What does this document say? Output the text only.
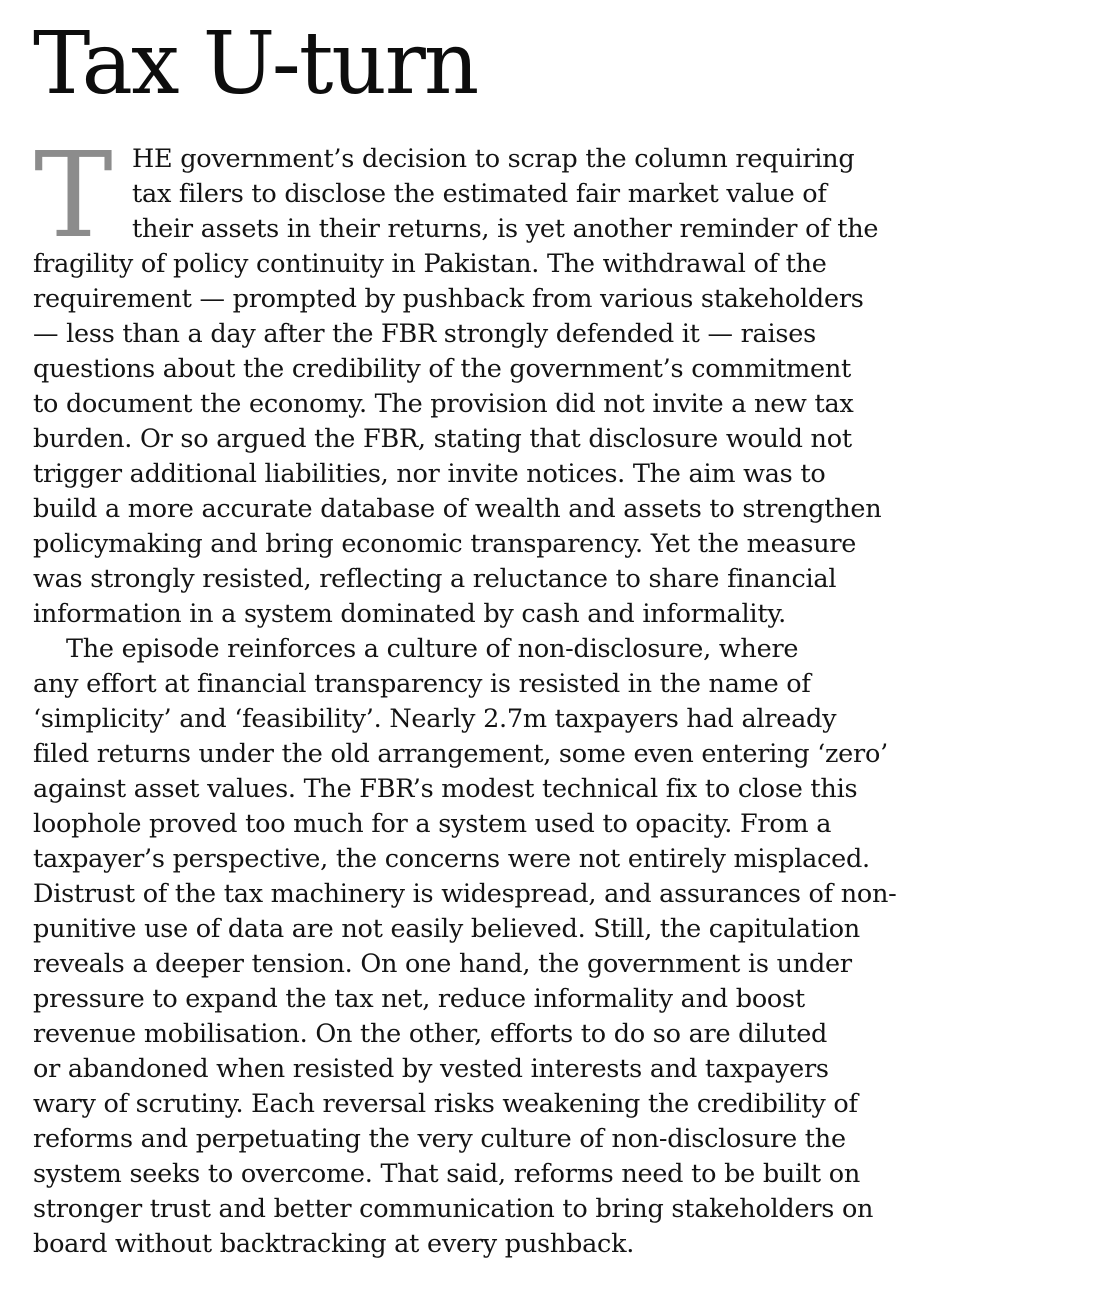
Tax U-turn
T HE government’s decision to scrap the column requiring
tax filers to disclose the estimated fair market value of
their assets in their returns, is yet another reminder of the
fragility of policy continuity in Pakistan. The withdrawal of the
requirement — prompted by pushback from various stakeholders
— less than a day after the FBR strongly defended it — raises
questions about the credibility of the government’s commitment
to document the economy. The provision did not invite a new tax
burden. Or so argued the FBR, stating that disclosure would not
trigger additional liabilities, nor invite notices. The aim was to
build a more accurate database of wealth and assets to strengthen
policymaking and bring economic transparency. Yet the measure
was strongly resisted, reflecting a reluctance to share financial
information in a system dominated by cash and informality.
The episode reinforces a culture of non-disclosure, where
any effort at financial transparency is resisted in the name of
‘simplicity’ and ‘feasibility’. Nearly 2.7m taxpayers had already
filed returns under the old arrangement, some even entering ‘zero’
against asset values. The FBR’s modest technical fix to close this
loophole proved too much for a system used to opacity. From a
taxpayer’s perspective, the concerns were not entirely misplaced.
Distrust of the tax machinery is widespread, and assurances of non-
punitive use of data are not easily believed. Still, the capitulation
reveals a deeper tension. On one hand, the government is under
pressure to expand the tax net, reduce informality and boost
revenue mobilisation. On the other, efforts to do so are diluted
or abandoned when resisted by vested interests and taxpayers
wary of scrutiny. Each reversal risks weakening the credibility of
reforms and perpetuating the very culture of non-disclosure the
system seeks to overcome. That said, reforms need to be built on
stronger trust and better communication to bring stakeholders on
board without backtracking at every pushback.
